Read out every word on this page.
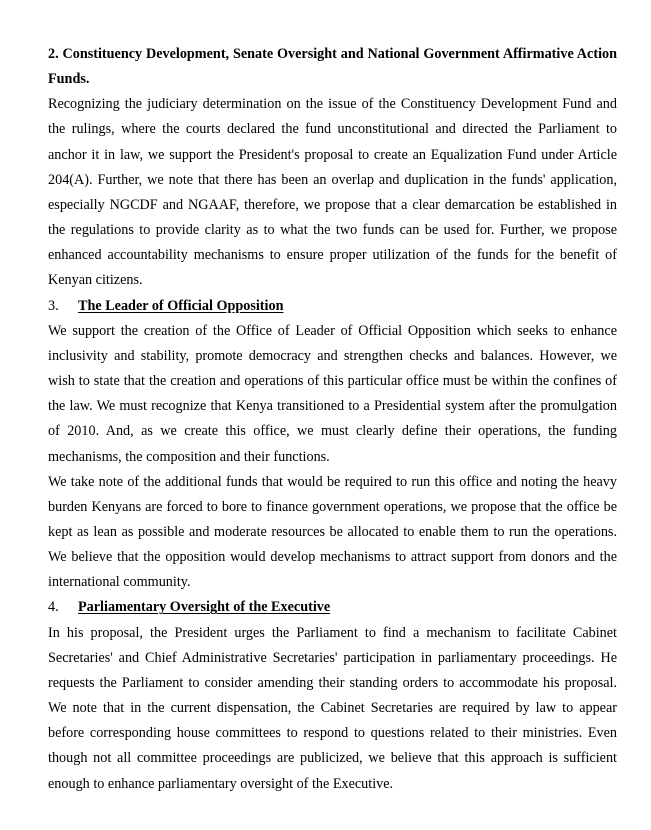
2. Constituency Development, Senate Oversight and National Government Affirmative Action Funds.

Recognizing the judiciary determination on the issue of the Constituency Development Fund and the rulings, where the courts declared the fund unconstitutional and directed the Parliament to anchor it in law, we support the President's proposal to create an Equalization Fund under Article 204(A). Further, we note that there has been an overlap and duplication in the funds' application, especially NGCDF and NGAAF, therefore, we propose that a clear demarcation be established in the regulations to provide clarity as to what the two funds can be used for. Further, we propose enhanced accountability mechanisms to ensure proper utilization of the funds for the benefit of Kenyan citizens.

3.	The Leader of Official Opposition

We support the creation of the Office of Leader of Official Opposition which seeks to enhance inclusivity and stability, promote democracy and strengthen checks and balances. However, we wish to state that the creation and operations of this particular office must be within the confines of the law. We must recognize that Kenya transitioned to a Presidential system after the promulgation of 2010. And, as we create this office, we must clearly define their operations, the funding mechanisms, the composition and their functions.

We take note of the additional funds that would be required to run this office and noting the heavy burden Kenyans are forced to bore to finance government operations, we propose that the office be kept as lean as possible and moderate resources be allocated to enable them to run the operations. We believe that the opposition would develop mechanisms to attract support from donors and the international community.

4.	Parliamentary Oversight of the Executive

In his proposal, the President urges the Parliament to find a mechanism to facilitate Cabinet Secretaries' and Chief Administrative Secretaries' participation in parliamentary proceedings. He requests the Parliament to consider amending their standing orders to accommodate his proposal. We note that in the current dispensation, the Cabinet Secretaries are required by law to appear before corresponding house committees to respond to questions related to their ministries. Even though not all committee proceedings are publicized, we believe that this approach is sufficient enough to enhance parliamentary oversight of the Executive.
